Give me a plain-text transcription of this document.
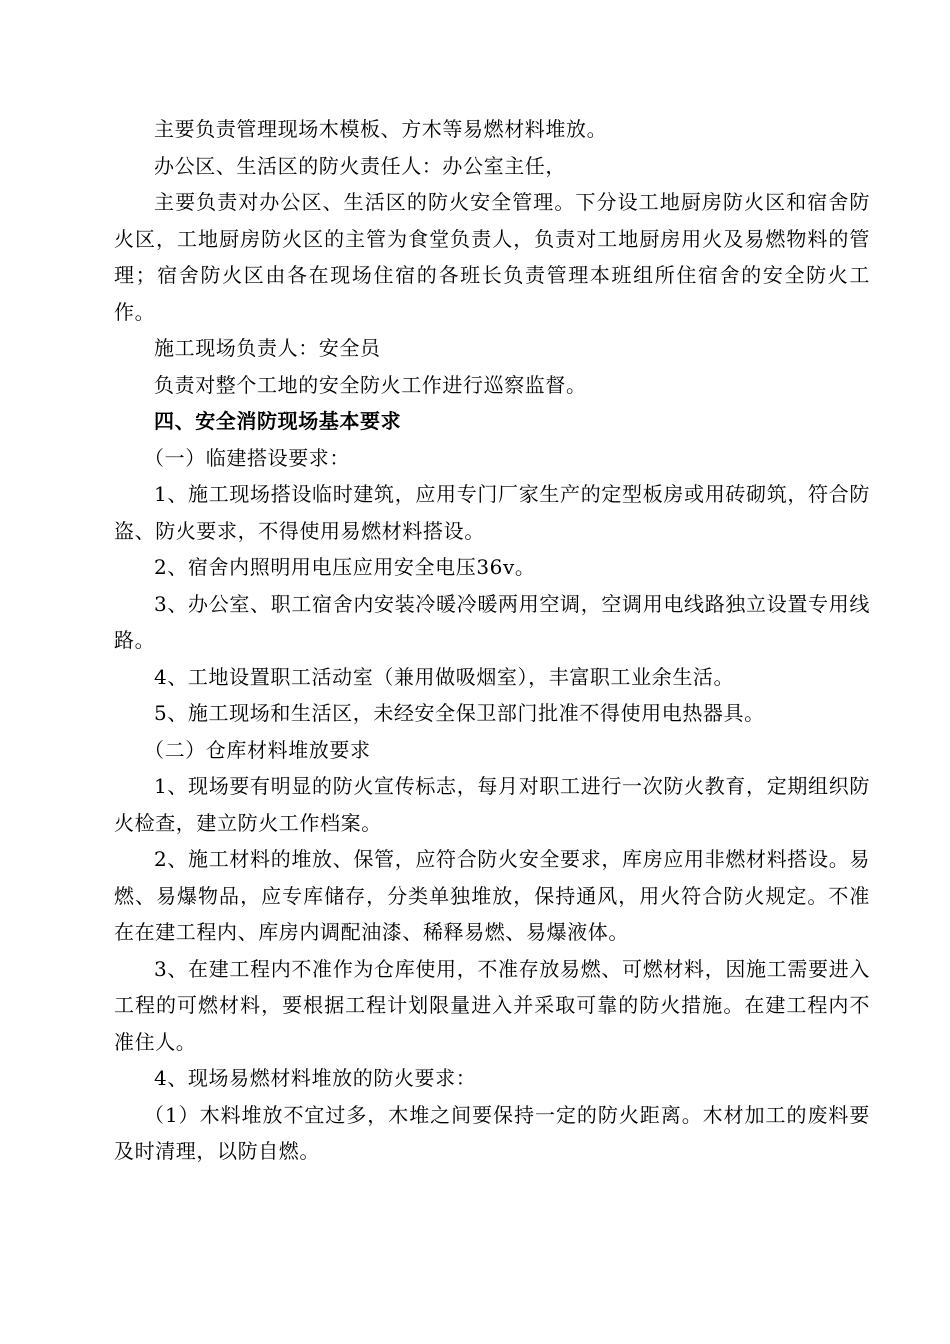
主要负责管理现场木模板、方木等易燃材料堆放。

办公区、生活区的防火责任人：办公室主任，

主要负责对办公区、生活区的防火安全管理。下分设工地厨房防火区和宿舍防火区，工地厨房防火区的主管为食堂负责人，负责对工地厨房用火及易燃物料的管理；宿舍防火区由各在现场住宿的各班长负责管理本班组所住宿舍的安全防火工作。

施工现场负责人：安全员

负责对整个工地的安全防火工作进行巡察监督。

四、安全消防现场基本要求

（一）临建搭设要求：

1、施工现场搭设临时建筑，应用专门厂家生产的定型板房或用砖砌筑，符合防盗、防火要求，不得使用易燃材料搭设。

2、宿舍内照明用电压应用安全电压36v。

3、办公室、职工宿舍内安装冷暖冷暖两用空调，空调用电线路独立设置专用线路。

4、工地设置职工活动室（兼用做吸烟室），丰富职工业余生活。

5、施工现场和生活区，未经安全保卫部门批准不得使用电热器具。

（二）仓库材料堆放要求

1、现场要有明显的防火宣传标志，每月对职工进行一次防火教育，定期组织防火检查，建立防火工作档案。

2、施工材料的堆放、保管，应符合防火安全要求，库房应用非燃材料搭设。易燃、易爆物品，应专库储存，分类单独堆放，保持通风，用火符合防火规定。不准在在建工程内、库房内调配油漆、稀释易燃、易爆液体。

3、在建工程内不准作为仓库使用，不准存放易燃、可燃材料，因施工需要进入工程的可燃材料，要根据工程计划限量进入并采取可靠的防火措施。在建工程内不准住人。

4、现场易燃材料堆放的防火要求：

（1）木料堆放不宜过多，木堆之间要保持一定的防火距离。木材加工的废料要及时清理，以防自燃。
